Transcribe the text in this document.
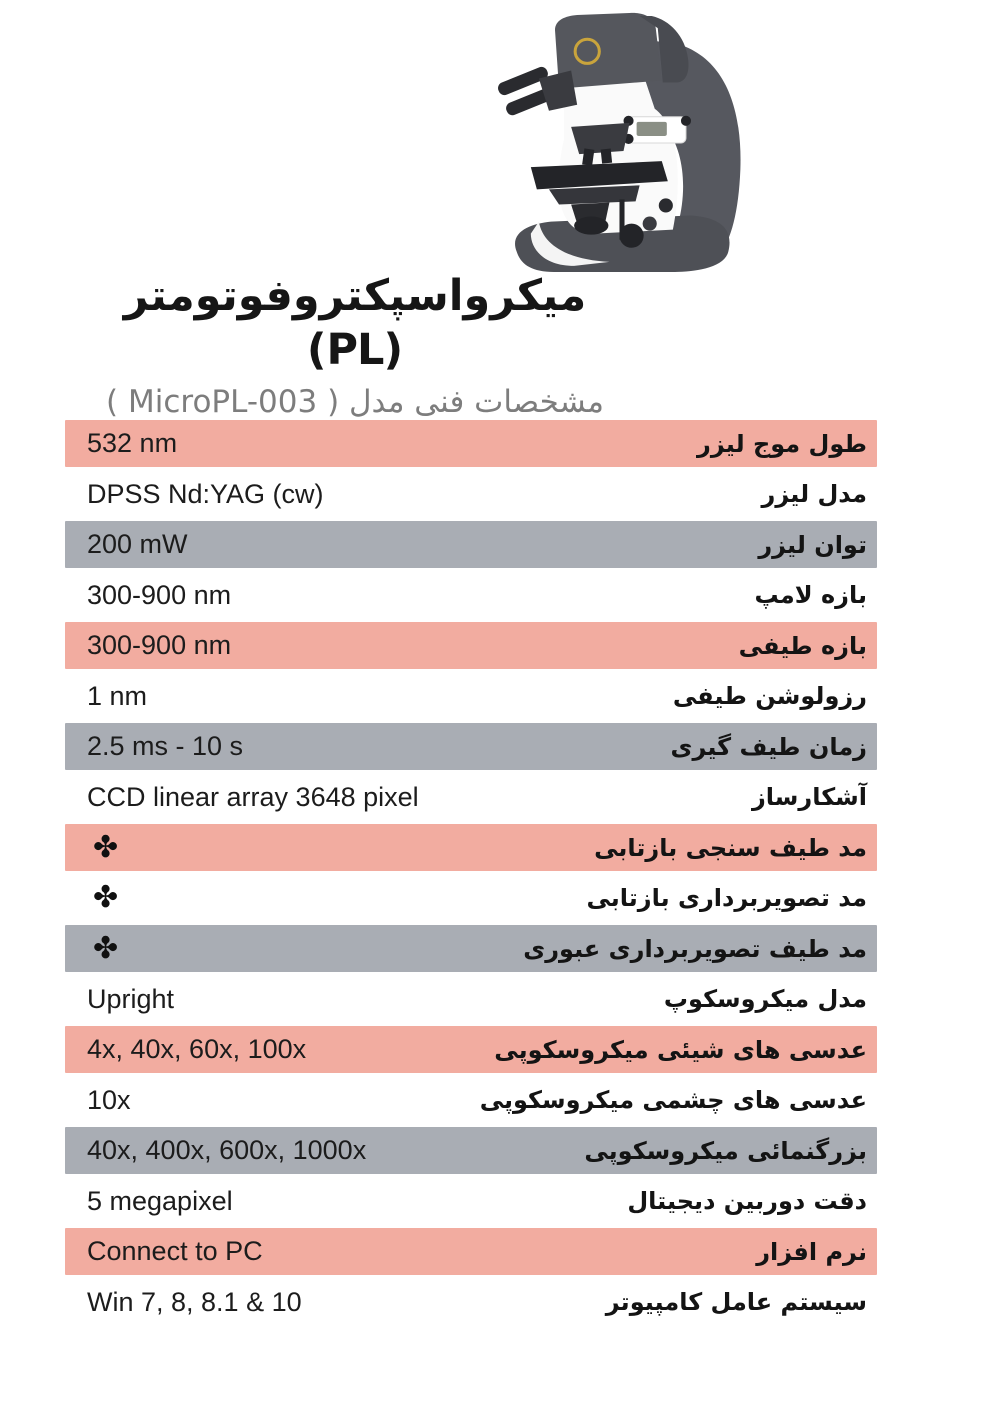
میکرواسپکتروفوتومتر (PL)
مشخصات فنی مدل ( MicroPL-003 )
532 nm	طول موج لیزر
DPSS Nd:YAG (cw)	مدل لیزر
200 mW	توان لیزر
300-900 nm	بازه لامپ
300-900 nm	بازه طیفی
1 nm	رزولوشن طیفی
2.5 ms - 10 s	زمان طیف گیری
CCD linear array 3648 pixel	آشکارساز
✤	مد طیف سنجی بازتابی
✤	مد تصویربرداری بازتابی
✤	مد طیف تصویربرداری عبوری
Upright	مدل میکروسکوپ
4x, 40x, 60x, 100x	عدسی های شیئی میکروسکوپی
10x	عدسی های چشمی میکروسکوپی
40x, 400x, 600x, 1000x	بزرگنمائی میکروسکوپی
5 megapixel	دقت دوربین دیجیتال
Connect to PC	نرم افزار
Win 7, 8, 8.1 & 10	سیستم عامل کامپیوتر
